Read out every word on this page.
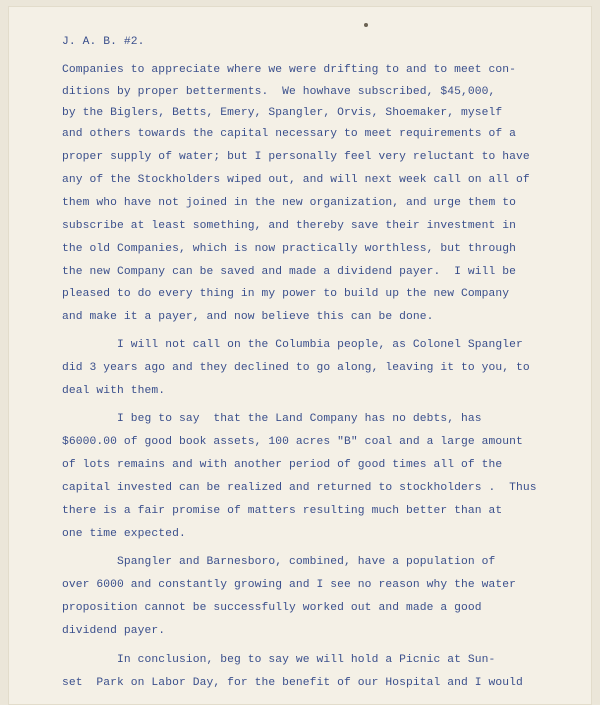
J. A. B. #2.
Companies to appreciate where we were drifting to and to meet con-
ditions by proper betterments.  We howhave subscribed, $45,000,
by the Biglers, Betts, Emery, Spangler, Orvis, Shoemaker, myself
and others towards the capital necessary to meet requirements of a
proper supply of water; but I personally feel very reluctant to have
any of the Stockholders wiped out, and will next week call on all of
them who have not joined in the new organization, and urge them to
subscribe at least something, and thereby save their investment in
the old Companies, which is now practically worthless, but through
the new Company can be saved and made a dividend payer.  I will be
pleased to do every thing in my power to build up the new Company
and make it a payer, and now believe this can be done.
I will not call on the Columbia people, as Colonel Spangler
did 3 years ago and they declined to go along, leaving it to you, to
deal with them.
I beg to say  that the Land Company has no debts, has
$6000.00 of good book assets, 100 acres "B" coal and a large amount
of lots remains and with another period of good times all of the
capital invested can be realized and returned to stockholders .  Thus
there is a fair promise of matters resulting much better than at
one time expected.
Spangler and Barnesboro, combined, have a population of
over 6000 and constantly growing and I see no reason why the water
proposition cannot be successfully worked out and made a good
dividend payer.
In conclusion, beg to say we will hold a Picnic at Sun-
set  Park on Labor Day, for the benefit of our Hospital and I would
